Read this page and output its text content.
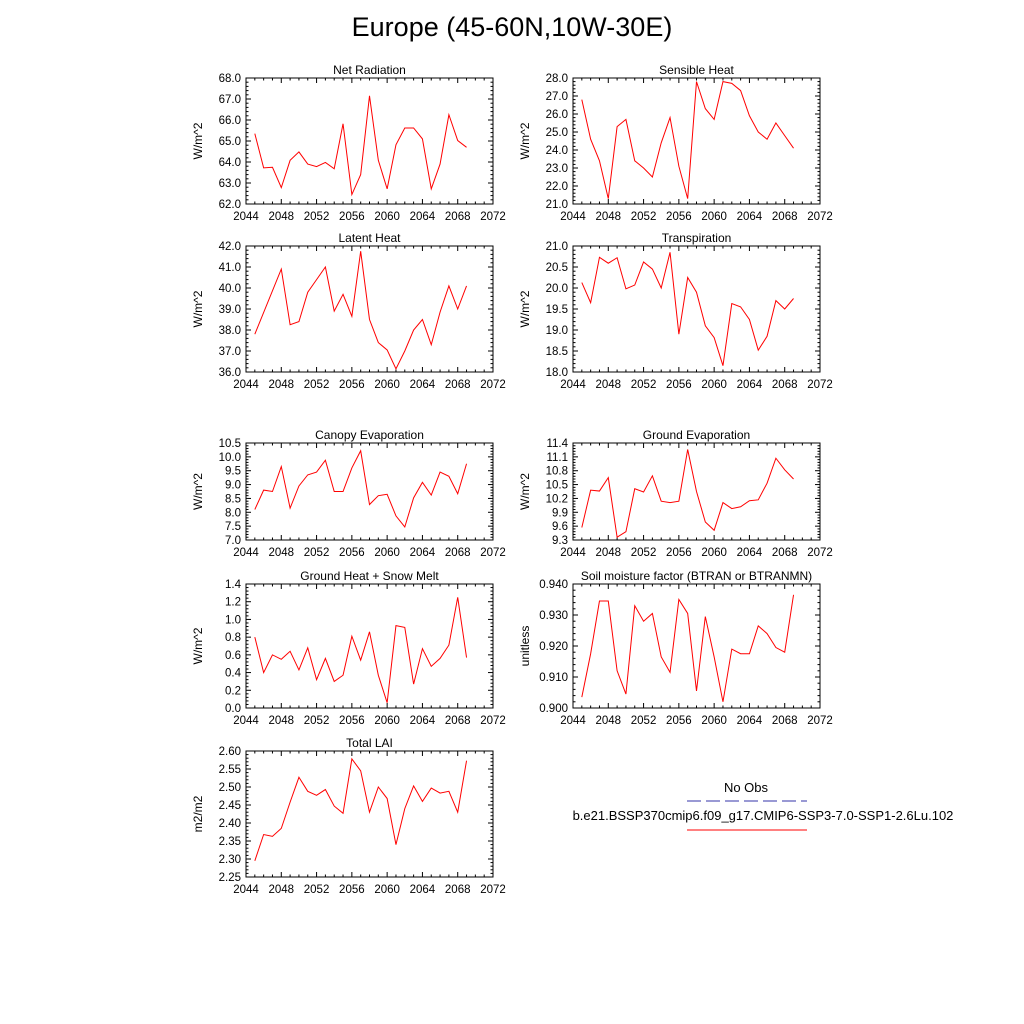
Europe (45-60N,10W-30E)
Net Radiation
W/m^2
2044 2048 2052 2056 2060 2064 2068 2072
62.0
63.0
64.0
65.0
66.0
67.0
68.0
Sensible Heat
W/m^2
2044 2048 2052 2056 2060 2064 2068 2072
21.0
22.0
23.0
24.0
25.0
26.0
27.0
28.0
Latent Heat
W/m^2
2044 2048 2052 2056 2060 2064 2068 2072
36.0
37.0
38.0
39.0
40.0
41.0
42.0
Transpiration
W/m^2
2044 2048 2052 2056 2060 2064 2068 2072
18.0
18.5
19.0
19.5
20.0
20.5
21.0
Canopy Evaporation
W/m^2
2044 2048 2052 2056 2060 2064 2068 2072
7.0
7.5
8.0
8.5
9.0
9.5
10.0
10.5
Ground Evaporation
W/m^2
2044 2048 2052 2056 2060 2064 2068 2072
9.3
9.6
9.9
10.2
10.5
10.8
11.1
11.4
Ground Heat + Snow Melt
W/m^2
2044 2048 2052 2056 2060 2064 2068 2072
0.0
0.2
0.4
0.6
0.8
1.0
1.2
1.4
Soil moisture factor (BTRAN or BTRANMN)
unitless
2044 2048 2052 2056 2060 2064 2068 2072
0.900
0.910
0.920
0.930
0.940
Total LAI
m2/m2
2044 2048 2052 2056 2060 2064 2068 2072
2.25
2.30
2.35
2.40
2.45
2.50
2.55
2.60
No Obs
b.e21.BSSP370cmip6.f09_g17.CMIP6-SSP3-7.0-SSP1-2.6Lu.102
